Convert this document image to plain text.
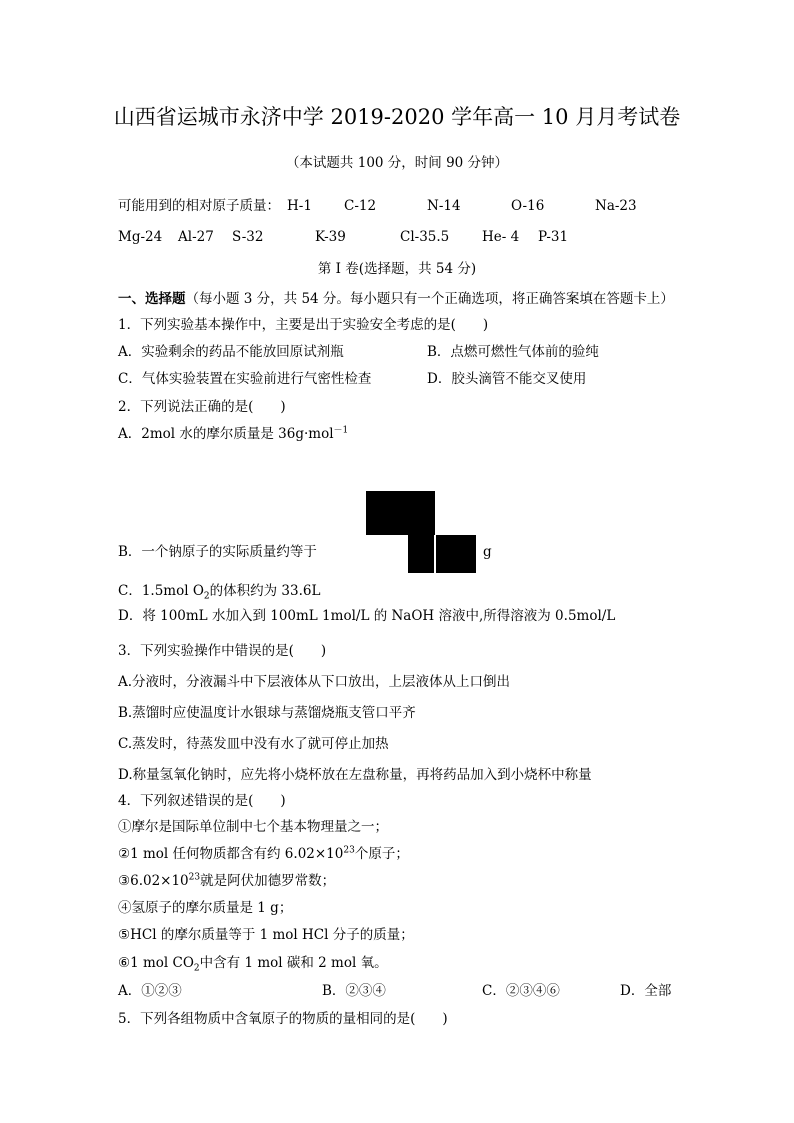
山西省运城市永济中学 2019-2020 学年高一 10 月月考试卷
（本试题共 100 分，时间 90 分钟）
可能用到的相对原子质量： H-1 C-12	N-14	O-16	Na-23
Mg-24 Al-27 S-32	K-39	Cl-35.5 He- 4 P-31
第 I 卷(选择题，共 54 分)
一、选择题（每小题 3 分，共 54 分。每小题只有一个正确选项，将正确答案填在答题卡上）
1．下列实验基本操作中，主要是出于实验安全考虑的是(　　)
A．实验剩余的药品不能放回原试剂瓶	B．点燃可燃性气体前的验纯
C．气体实验装置在实验前进行气密性检查	D．胶头滴管不能交叉使用
2．下列说法正确的是(　　)
A．2mol 水的摩尔质量是 36g·mol$^{-1}$
B．一个钠原子的实际质量约等于	g
C．1.5mol $O_2$的体积约为 33.6L
D．将 100mL 水加入到 100mL 1mol/L 的 NaOH 溶液中,所得溶液为 0.5mol/L
3．下列实验操作中错误的是(　　)
A.分液时，分液漏斗中下层液体从下口放出，上层液体从上口倒出
B.蒸馏时应使温度计水银球与蒸馏烧瓶支管口平齐
C.蒸发时，待蒸发皿中没有水了就可停止加热
D.称量氢氧化钠时，应先将小烧杯放在左盘称量，再将药品加入到小烧杯中称量
4．下列叙述错误的是(　　)
①摩尔是国际单位制中七个基本物理量之一；
②1 mol 任何物质都含有约 $6.02\times 10^{23}$个原子；
$③6.02\times 10^{23}$就是阿伏加德罗常数；
④氢原子的摩尔质量是 1 g；
⑤HCl 的摩尔质量等于 1 mol HCl 分子的质量；
⑥1 mol $CO_2$中含有 1 mol 碳和 2 mol 氧。
A．①②③	B．②③④	C．②③④⑥	D．全部
5．下列各组物质中含氧原子的物质的量相同的是(　　)
